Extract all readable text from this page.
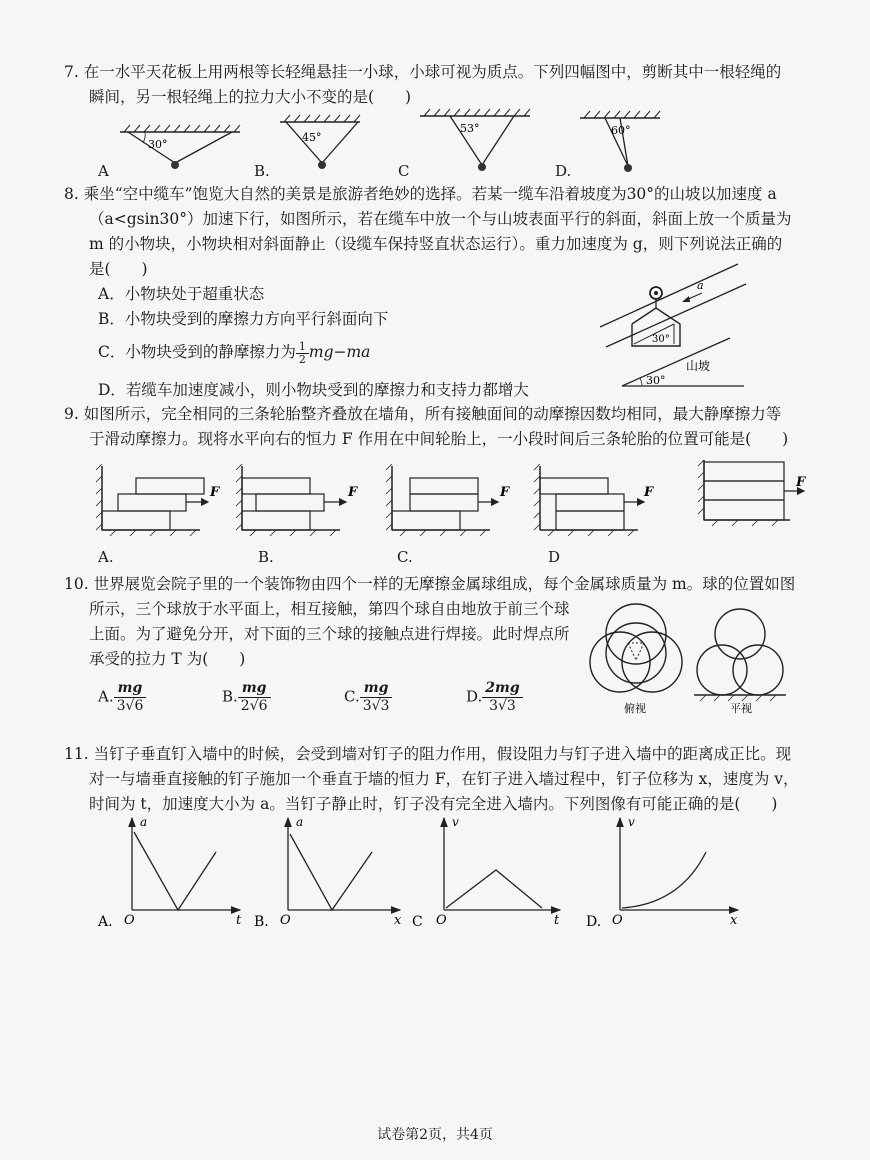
7. 在一水平天花板上用两根等长轻绳悬挂一小球，小球可视为质点。下列四幅图中，剪断其中一根轻绳的
瞬间，另一根轻绳上的拉力大小不变的是(　　)
30°
45°
53°	60°
A	B.	C	D.
8. 乘坐“空中缆车”饱览大自然的美景是旅游者绝妙的选择。若某一缆车沿着坡度为30°的山坡以加速度 a
（a<gsin30°）加速下行，如图所示，若在缆车中放一个与山坡表面平行的斜面，斜面上放一个质量为
m 的小物块，小物块相对斜面静止（设缆车保持竖直状态运行）。重力加速度为 g，则下列说法正确的
是(　　)
A．小物块处于超重状态
B．小物块受到的摩擦力方向平行斜面向下
C．小物块受到的静摩擦力为 $\frac{1}{2} mg-ma$
D．若缆车加速度减小，则小物块受到的摩擦力和支持力都增大
30°
a
30°
山坡
9. 如图所示，完全相同的三条轮胎整齐叠放在墙角，所有接触面间的动摩擦因数均相同，最大静摩擦力等
于滑动摩擦力。现将水平向右的恒力 F 作用在中间轮胎上，一小段时间后三条轮胎的位置可能是(　　)
F	F	F	F
F
A.	B.	C.	D
10. 世界展览会院子里的一个装饰物由四个一样的无摩擦金属球组成，每个金属球质量为 m。球的位置如图
所示，三个球放于水平面上，相互接触，第四个球自由地放于前三个球
上面。为了避免分开，对下面的三个球的接触点进行焊接。此时焊点所
承受的拉力 T 为(　　)
A. $\frac{mg}{3√6}$	B. $\frac{mg}{2√6}$	C. $\frac{mg}{3√3}$	D. $\frac{2mg}{3√3}$	俯视	平视
11. 当钉子垂直钉入墙中的时候，会受到墙对钉子的阻力作用，假设阻力与钉子进入墙中的距离成正比。现
对一与墙垂直接触的钉子施加一个垂直于墙的恒力 F，在钉子进入墙过程中，钉子位移为 x，速度为 v，
时间为 t，加速度大小为 a。当钉子静止时，钉子没有完全进入墙内。下列图像有可能正确的是(　　)
a
t
O
A.
a
x
O
B.
v
t
O
C
v
x
O
D.
试卷第2页，共4页
